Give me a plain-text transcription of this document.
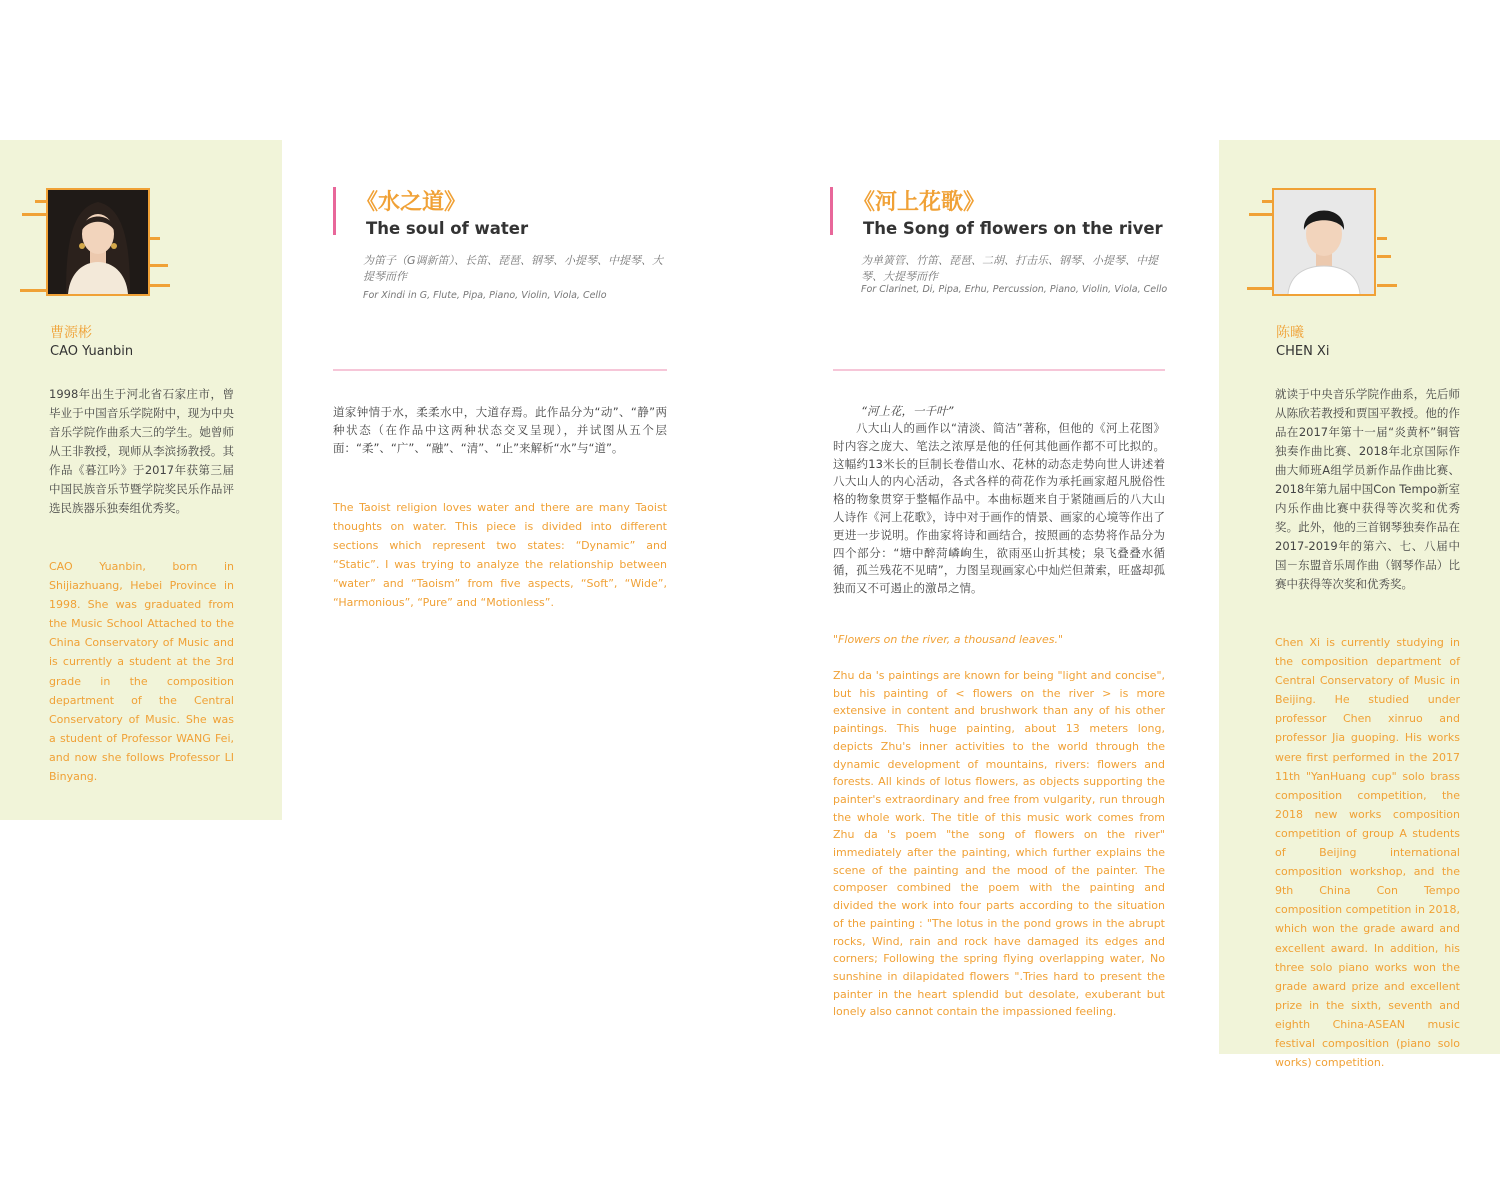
曹源彬
CAO Yuanbin
1998年出生于河北省石家庄市，曾毕业于中国音乐学院附中，现为中央音乐学院作曲系大三的学生。她曾师从王非教授，现师从李滨扬教授。其作品《暮江吟》于2017年获第三届中国民族音乐节暨学院奖民乐作品评选民族器乐独奏组优秀奖。
CAO Yuanbin, born in Shijiazhuang, Hebei Province in 1998. She was graduated from the Music School Attached to the China Conservatory of Music and is currently a student at the 3rd grade in the composition department of the Central Conservatory of Music. She was a student of Professor WANG Fei, and now she follows Professor LI Binyang.
《水之道》
The soul of water
为笛子（G调新笛）、长笛、琵琶、钢琴、小提琴、中提琴、大提琴而作
For Xindi in G, Flute, Pipa, Piano, Violin, Viola, Cello
道家钟情于水，柔柔水中，大道存焉。此作品分为“动”、“静”两种状态（在作品中这两种状态交叉呈现），并试图从五个层面：“柔”、“广”、“融”、“清”、“止”来解析“水”与“道”。
The Taoist religion loves water and there are many Taoist thoughts on water. This piece is divided into different sections which represent two states: “Dynamic” and “Static”. I was trying to analyze the relationship between “water” and “Taoism” from five aspects, “Soft”, “Wide”, “Harmonious”, “Pure” and “Motionless”.
《河上花歌》
The Song of flowers on the river
为单簧管、竹笛、琵琶、二胡、打击乐、钢琴、小提琴、中提琴、大提琴而作
For Clarinet, Di, Pipa, Erhu, Percussion, Piano, Violin, Viola, Cello
“河上花，一千叶”
八大山人的画作以“清淡、简洁”著称，但他的《河上花图》时内容之庞大、笔法之浓厚是他的任何其他画作都不可比拟的。这幅约13米长的巨制长卷借山水、花林的动态走势向世人讲述着八大山人的内心活动，各式各样的荷花作为承托画家超凡脱俗性格的物象贯穿于整幅作品中。本曲标题来自于紧随画后的八大山人诗作《河上花歌》，诗中对于画作的情景、画家的心境等作出了更进一步说明。作曲家将诗和画结合，按照画的态势将作品分为四个部分：“塘中醉菏嶙峋生，欲雨巫山折其棱；泉飞叠叠水循循，孤兰残花不见晴”，力图呈现画家心中灿烂但萧索，旺盛却孤独而又不可遏止的激昂之情。
"Flowers on the river, a thousand leaves."
Zhu da 's paintings are known for being "light and concise", but his painting of < flowers on the river > is more extensive in content and brushwork than any of his other paintings. This huge painting, about 13 meters long, depicts Zhu's inner activities to the world through the dynamic development of mountains, rivers: flowers and forests. All kinds of lotus flowers, as objects supporting the painter's extraordinary and free from vulgarity, run through the whole work. The title of this music work comes from Zhu da 's poem "the song of flowers on the river" immediately after the painting, which further explains the scene of the painting and the mood of the painter. The composer combined the poem with the painting and divided the work into four parts according to the situation of the painting : "The lotus in the pond grows in the abrupt rocks, Wind, rain and rock have damaged its edges and corners; Following the spring flying overlapping water, No sunshine in dilapidated flowers ".Tries hard to present the painter in the heart splendid but desolate, exuberant but lonely also cannot contain the impassioned feeling.
陈曦
CHEN Xi
就读于中央音乐学院作曲系，先后师从陈欣若教授和贾国平教授。他的作品在2017年第十一届“炎黄杯”铜管独奏作曲比赛、2018年北京国际作曲大师班A组学员新作品作曲比赛、2018年第九届中国Con Tempo新室内乐作曲比赛中获得等次奖和优秀奖。此外，他的三首钢琴独奏作品在2017-2019年的第六、七、八届中国－东盟音乐周作曲（钢琴作品）比赛中获得等次奖和优秀奖。
Chen Xi is currently studying in the composition department of Central Conservatory of Music in Beijing. He studied under professor Chen xinruo and professor Jia guoping. His works were first performed in the 2017 11th "YanHuang cup" solo brass composition competition, the 2018 new works composition competition of group A students of Beijing international composition workshop, and the 9th China Con Tempo composition competition in 2018, which won the grade award and excellent award. In addition, his three solo piano works won the grade award prize and excellent prize in the sixth, seventh and eighth China-ASEAN music festival composition (piano solo works) competition.
